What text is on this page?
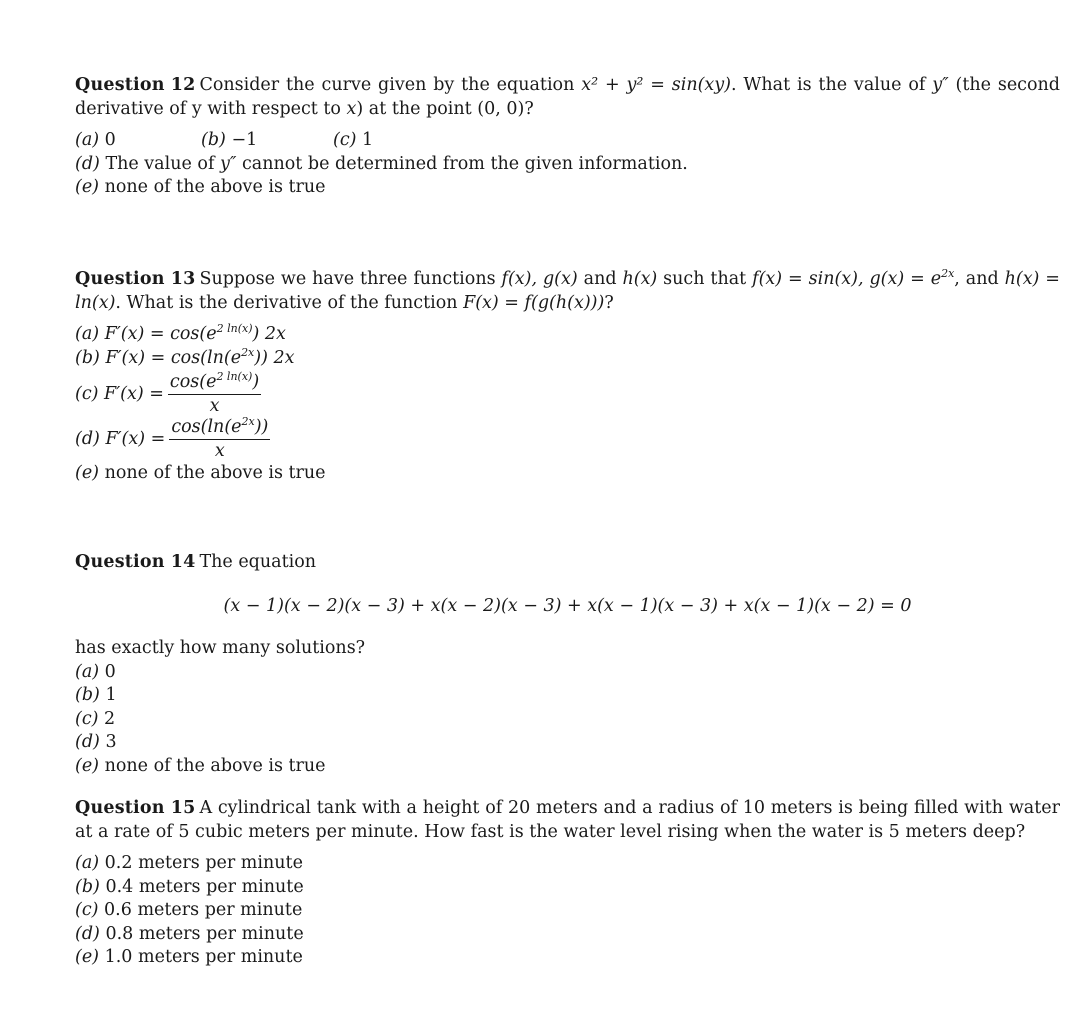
Question 12 Consider the curve given by the equation x² + y² = sin(xy). What is the value of y″ (the second derivative of y with respect to x) at the point (0, 0)?
(a) 0	(b) −1	(c) 1
(d) The value of y″ cannot be determined from the given information.
(e) none of the above is true
Question 13 Suppose we have three functions f(x), g(x) and h(x) such that f(x) = sin(x), $g(x) = e^{2x}$, and h(x) = ln(x). What is the derivative of the function F(x) = f(g(h(x)))?
(a) $F'(x) = \cos(e^{2 ln(x)})$ 2x
(b) $F'(x) = \cos(\ln(e^{2x}))$ 2x
(c) $F'(x) = \frac{\cos(e^{2 ln(x)})}{x}$
(d) $F'(x) = \frac{\cos(\ln(e^{2x}))}{x}$
(e) none of the above is true
Question 14 The equation
(x − 1)(x − 2)(x − 3) + x(x − 2)(x − 3) + x(x − 1)(x − 3) + x(x − 1)(x − 2) = 0
has exactly how many solutions?
(a) 0
(b) 1
(c) 2
(d) 3
(e) none of the above is true
Question 15 A cylindrical tank with a height of 20 meters and a radius of 10 meters is being filled with water at a rate of 5 cubic meters per minute. How fast is the water level rising when the water is 5 meters deep?
(a) 0.2 meters per minute
(b) 0.4 meters per minute
(c) 0.6 meters per minute
(d) 0.8 meters per minute
(e) 1.0 meters per minute
